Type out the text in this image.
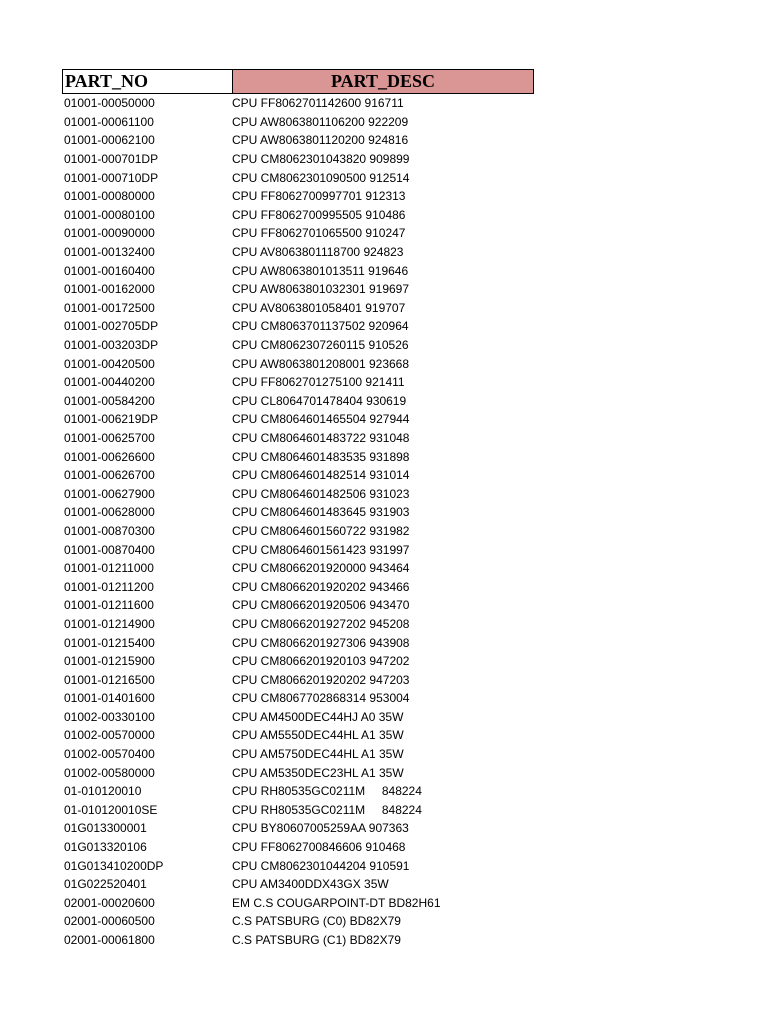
PART_NO	PART_DESC
01001-00050000	CPU FF8062701142600 916711
01001-00061100	CPU AW8063801106200 922209
01001-00062100	CPU AW8063801120200 924816
01001-000701DP	CPU CM8062301043820 909899
01001-000710DP	CPU CM8062301090500 912514
01001-00080000	CPU FF8062700997701 912313
01001-00080100	CPU FF8062700995505 910486
01001-00090000	CPU FF8062701065500 910247
01001-00132400	CPU AV8063801118700 924823
01001-00160400	CPU AW8063801013511 919646
01001-00162000	CPU AW8063801032301 919697
01001-00172500	CPU AV8063801058401 919707
01001-002705DP	CPU CM8063701137502 920964
01001-003203DP	CPU CM8062307260115 910526
01001-00420500	CPU AW8063801208001 923668
01001-00440200	CPU FF8062701275100 921411
01001-00584200	CPU CL8064701478404 930619
01001-006219DP	CPU CM8064601465504 927944
01001-00625700	CPU CM8064601483722 931048
01001-00626600	CPU CM8064601483535 931898
01001-00626700	CPU CM8064601482514 931014
01001-00627900	CPU CM8064601482506 931023
01001-00628000	CPU CM8064601483645 931903
01001-00870300	CPU CM8064601560722 931982
01001-00870400	CPU CM8064601561423 931997
01001-01211000	CPU CM8066201920000 943464
01001-01211200	CPU CM8066201920202 943466
01001-01211600	CPU CM8066201920506 943470
01001-01214900	CPU CM8066201927202 945208
01001-01215400	CPU CM8066201927306 943908
01001-01215900	CPU CM8066201920103 947202
01001-01216500	CPU CM8066201920202 947203
01001-01401600	CPU CM8067702868314 953004
01002-00330100	CPU AM4500DEC44HJ A0 35W
01002-00570000	CPU AM5550DEC44HL A1 35W
01002-00570400	CPU AM5750DEC44HL A1 35W
01002-00580000	CPU AM5350DEC23HL A1 35W
01-010120010	CPU RH80535GC0211M     848224
01-010120010SE	CPU RH80535GC0211M     848224
01G013300001	CPU BY80607005259AA 907363
01G013320106	CPU FF8062700846606 910468
01G013410200DP	CPU CM8062301044204 910591
01G022520401	CPU AM3400DDX43GX 35W
02001-00020600	EM C.S COUGARPOINT-DT BD82H61
02001-00060500	C.S PATSBURG (C0) BD82X79
02001-00061800	C.S PATSBURG (C1) BD82X79
